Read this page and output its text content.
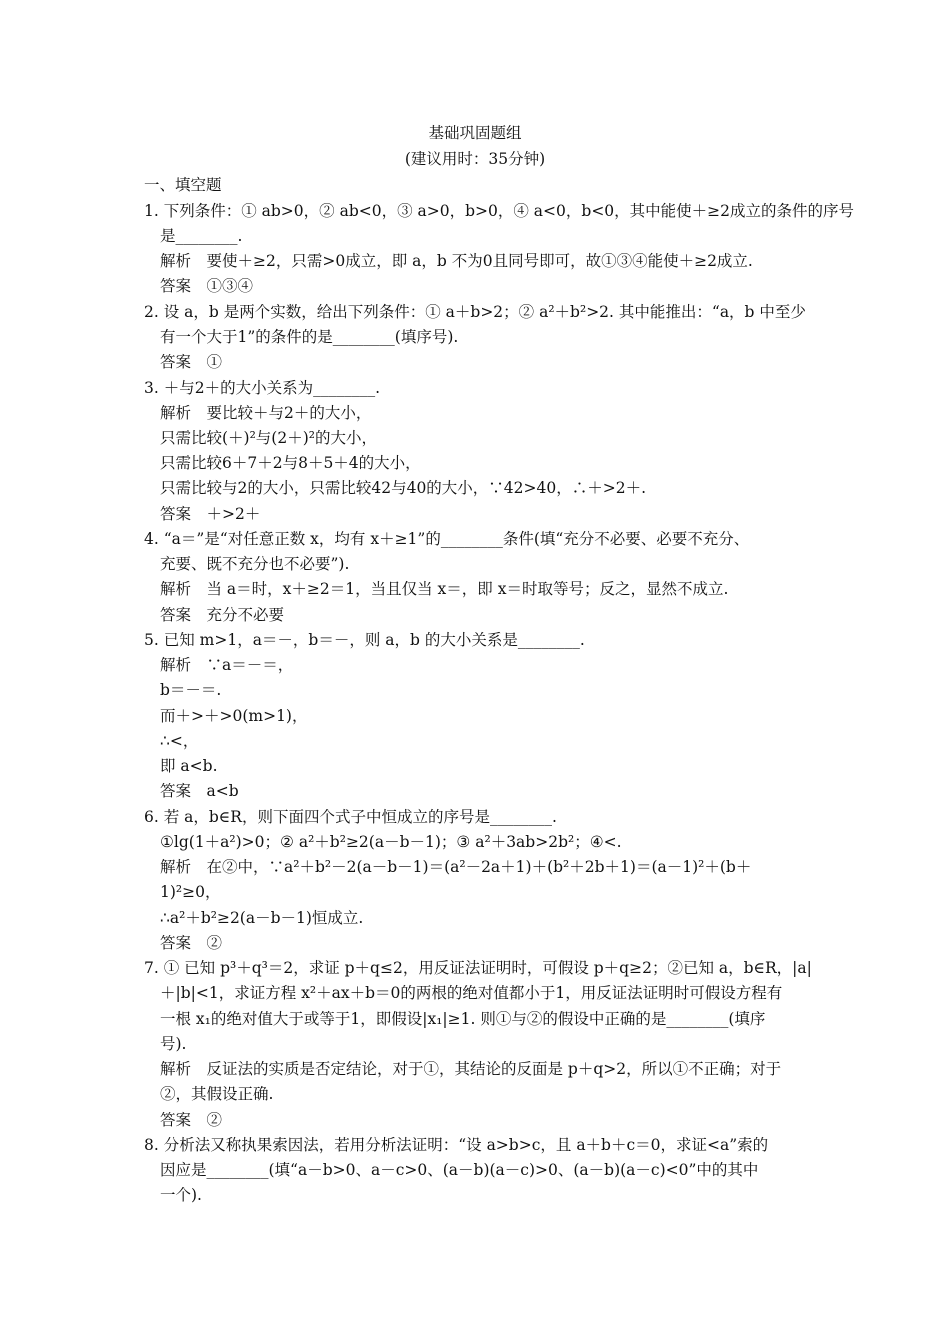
基础巩固题组
(建议用时：35分钟)
一、填空题
1. 下列条件：① ab>0，② ab<0，③ a>0，b>0，④ a<0，b<0，其中能使＋≥2成立的条件的序号
是________.
解析　要使＋≥2，只需>0成立，即 a，b 不为0且同号即可，故①③④能使＋≥2成立.
答案　①③④
2. 设 a，b 是两个实数，给出下列条件：① a＋b>2；② a²＋b²>2. 其中能推出：“a，b 中至少
有一个大于1”的条件的是________(填序号).
答案　①
3. ＋与2＋的大小关系为________.
解析　要比较＋与2＋的大小，
只需比较(＋)²与(2＋)²的大小，
只需比较6＋7＋2与8＋5＋4的大小，
只需比较与2的大小，只需比较42与40的大小，∵42>40，∴＋>2＋.
答案　＋>2＋
4. “a＝”是“对任意正数 x，均有 x＋≥1”的________条件(填“充分不必要、必要不充分、
充要、既不充分也不必要”).
解析　当 a＝时，x＋≥2＝1，当且仅当 x＝，即 x＝时取等号；反之，显然不成立.
答案　充分不必要
5. 已知 m>1，a＝－，b＝－，则 a，b 的大小关系是________.
解析　∵a＝－＝，
b＝－＝.
而＋>＋>0(m>1)，
∴<，
即 a<b.
答案　a<b
6. 若 a，b∈R，则下面四个式子中恒成立的序号是________.
①lg(1＋a²)>0；② a²＋b²≥2(a－b－1)；③ a²＋3ab>2b²；④<.
解析　在②中，∵a²＋b²－2(a－b－1)＝(a²－2a＋1)＋(b²＋2b＋1)＝(a－1)²＋(b＋
1)²≥0，
∴a²＋b²≥2(a－b－1)恒成立.
答案　②
7. ① 已知 p³＋q³＝2，求证 p＋q≤2，用反证法证明时，可假设 p＋q≥2；②已知 a，b∈R，|a|
＋|b|<1，求证方程 x²＋ax＋b＝0的两根的绝对值都小于1，用反证法证明时可假设方程有
一根 x₁的绝对值大于或等于1，即假设|x₁|≥1. 则①与②的假设中正确的是________(填序
号).
解析　反证法的实质是否定结论，对于①，其结论的反面是 p＋q>2，所以①不正确；对于
②，其假设正确.
答案　②
8. 分析法又称执果索因法，若用分析法证明：“设 a>b>c，且 a＋b＋c＝0，求证<a”索的
因应是________(填“a－b>0、a－c>0、(a－b)(a－c)>0、(a－b)(a－c)<0”中的其中
一个).
